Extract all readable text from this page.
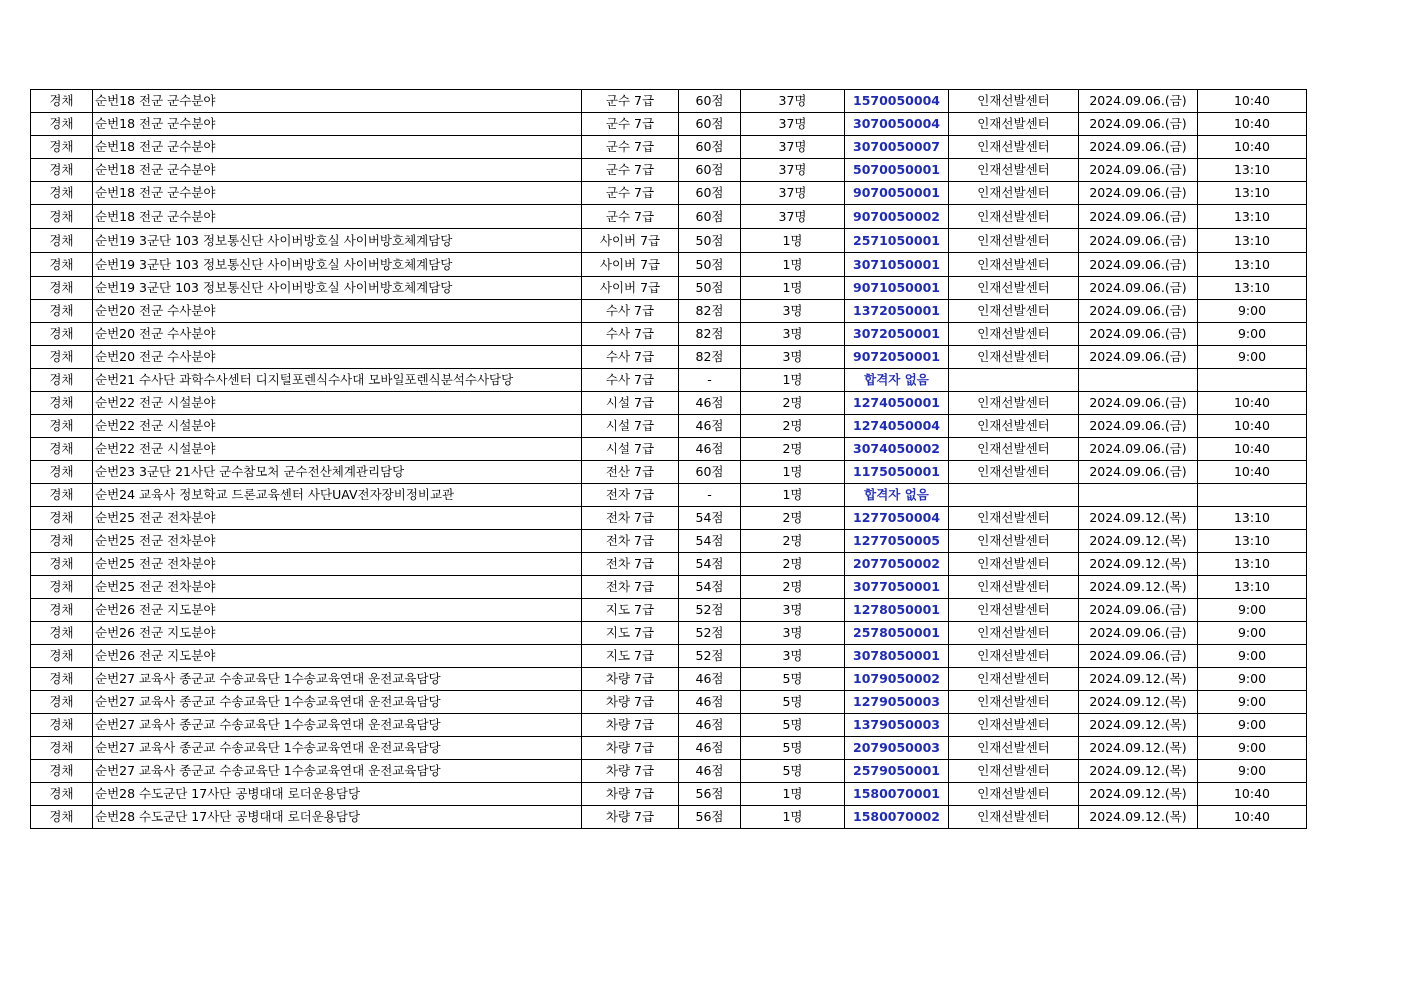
경채	순번18 전군 군수분야	군수 7급	60점	37명	1570050004	인재선발센터	2024.09.06.(금)	10:40
경채	순번18 전군 군수분야	군수 7급	60점	37명	3070050004	인재선발센터	2024.09.06.(금)	10:40
경채	순번18 전군 군수분야	군수 7급	60점	37명	3070050007	인재선발센터	2024.09.06.(금)	10:40
경채	순번18 전군 군수분야	군수 7급	60점	37명	5070050001	인재선발센터	2024.09.06.(금)	13:10
경채	순번18 전군 군수분야	군수 7급	60점	37명	9070050001	인재선발센터	2024.09.06.(금)	13:10
경채	순번18 전군 군수분야	군수 7급	60점	37명	9070050002	인재선발센터	2024.09.06.(금)	13:10
경채	순번19 3군단 103 정보통신단 사이버방호실 사이버방호체계담당	사이버 7급	50점	1명	2571050001	인재선발센터	2024.09.06.(금)	13:10
경채	순번19 3군단 103 정보통신단 사이버방호실 사이버방호체계담당	사이버 7급	50점	1명	3071050001	인재선발센터	2024.09.06.(금)	13:10
경채	순번19 3군단 103 정보통신단 사이버방호실 사이버방호체계담당	사이버 7급	50점	1명	9071050001	인재선발센터	2024.09.06.(금)	13:10
경채	순번20 전군 수사분야	수사 7급	82점	3명	1372050001	인재선발센터	2024.09.06.(금)	9:00
경채	순번20 전군 수사분야	수사 7급	82점	3명	3072050001	인재선발센터	2024.09.06.(금)	9:00
경채	순번20 전군 수사분야	수사 7급	82점	3명	9072050001	인재선발센터	2024.09.06.(금)	9:00
경채	순번21 수사단 과학수사센터 디지털포렌식수사대 모바일포렌식분석수사담당	수사 7급	-	1명	합격자 없음			
경채	순번22 전군 시설분야	시설 7급	46점	2명	1274050001	인재선발센터	2024.09.06.(금)	10:40
경채	순번22 전군 시설분야	시설 7급	46점	2명	1274050004	인재선발센터	2024.09.06.(금)	10:40
경채	순번22 전군 시설분야	시설 7급	46점	2명	3074050002	인재선발센터	2024.09.06.(금)	10:40
경채	순번23 3군단 21사단 군수참모처 군수전산체계관리담당	전산 7급	60점	1명	1175050001	인재선발센터	2024.09.06.(금)	10:40
경채	순번24 교육사 정보학교 드론교육센터 사단UAV전자장비정비교관	전자 7급	-	1명	합격자 없음			
경채	순번25 전군 전차분야	전차 7급	54점	2명	1277050004	인재선발센터	2024.09.12.(목)	13:10
경채	순번25 전군 전차분야	전차 7급	54점	2명	1277050005	인재선발센터	2024.09.12.(목)	13:10
경채	순번25 전군 전차분야	전차 7급	54점	2명	2077050002	인재선발센터	2024.09.12.(목)	13:10
경채	순번25 전군 전차분야	전차 7급	54점	2명	3077050001	인재선발센터	2024.09.12.(목)	13:10
경채	순번26 전군 지도분야	지도 7급	52점	3명	1278050001	인재선발센터	2024.09.06.(금)	9:00
경채	순번26 전군 지도분야	지도 7급	52점	3명	2578050001	인재선발센터	2024.09.06.(금)	9:00
경채	순번26 전군 지도분야	지도 7급	52점	3명	3078050001	인재선발센터	2024.09.06.(금)	9:00
경채	순번27 교육사 종군교 수송교육단 1수송교육연대 운전교육담당	차량 7급	46점	5명	1079050002	인재선발센터	2024.09.12.(목)	9:00
경채	순번27 교육사 종군교 수송교육단 1수송교육연대 운전교육담당	차량 7급	46점	5명	1279050003	인재선발센터	2024.09.12.(목)	9:00
경채	순번27 교육사 종군교 수송교육단 1수송교육연대 운전교육담당	차량 7급	46점	5명	1379050003	인재선발센터	2024.09.12.(목)	9:00
경채	순번27 교육사 종군교 수송교육단 1수송교육연대 운전교육담당	차량 7급	46점	5명	2079050003	인재선발센터	2024.09.12.(목)	9:00
경채	순번27 교육사 종군교 수송교육단 1수송교육연대 운전교육담당	차량 7급	46점	5명	2579050001	인재선발센터	2024.09.12.(목)	9:00
경채	순번28 수도군단 17사단 공병대대 로더운용담당	차량 7급	56점	1명	1580070001	인재선발센터	2024.09.12.(목)	10:40
경채	순번28 수도군단 17사단 공병대대 로더운용담당	차량 7급	56점	1명	1580070002	인재선발센터	2024.09.12.(목)	10:40
